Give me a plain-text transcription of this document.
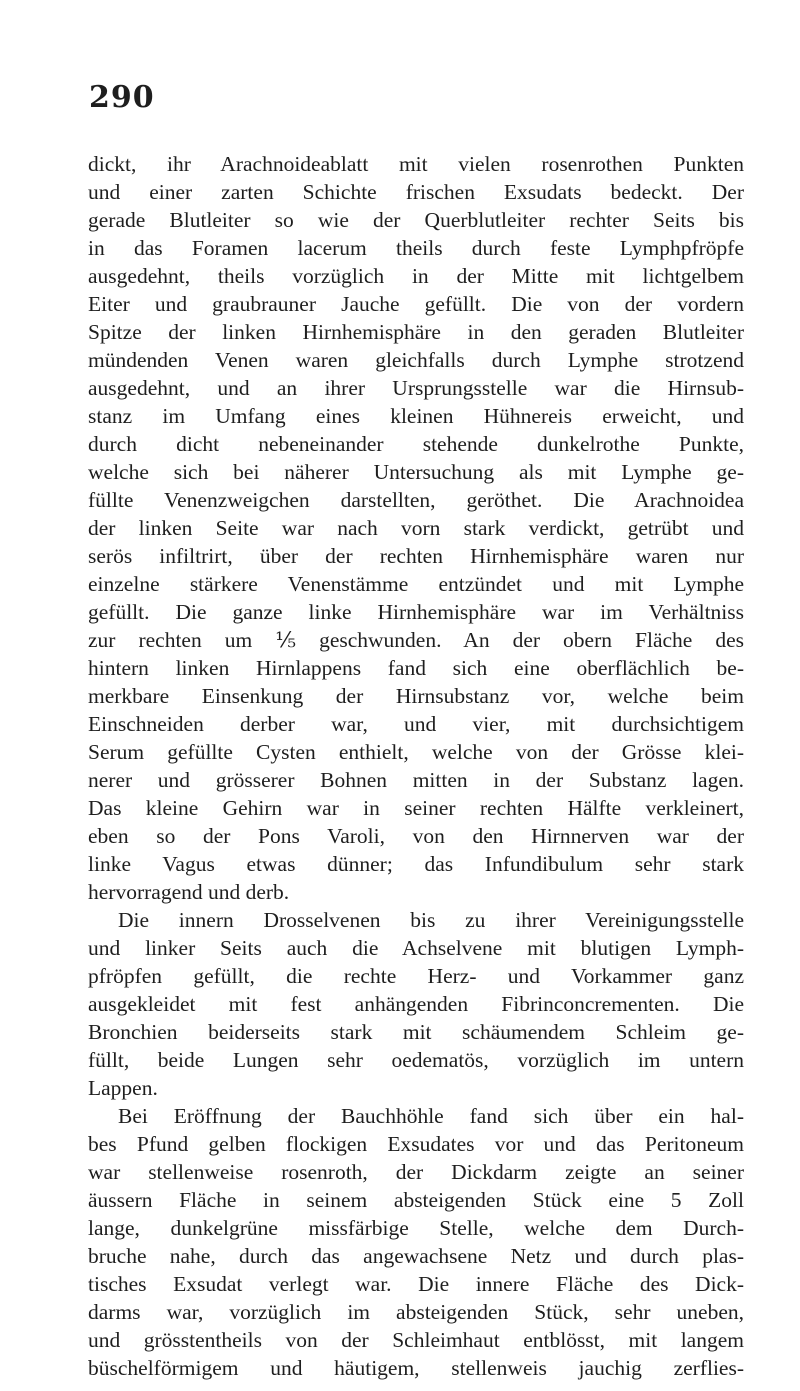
290
dickt, ihr Arachnoideablatt mit vielen rosenrothen Punkten
und einer zarten Schichte frischen Exsudats bedeckt. Der
gerade Blutleiter so wie der Querblutleiter rechter Seits bis
in das Foramen lacerum theils durch feste Lymphpfröpfe
ausgedehnt, theils vorzüglich in der Mitte mit lichtgelbem
Eiter und graubrauner Jauche gefüllt. Die von der vordern
Spitze der linken Hirnhemisphäre in den geraden Blutleiter
mündenden Venen waren gleichfalls durch Lymphe strotzend
ausgedehnt, und an ihrer Ursprungsstelle war die Hirnsub-
stanz im Umfang eines kleinen Hühnereis erweicht, und
durch dicht nebeneinander stehende dunkelrothe Punkte,
welche sich bei näherer Untersuchung als mit Lymphe ge-
füllte Venenzweigchen darstellten, geröthet. Die Arachnoidea
der linken Seite war nach vorn stark verdickt, getrübt und
serös infiltrirt, über der rechten Hirnhemisphäre waren nur
einzelne stärkere Venenstämme entzündet und mit Lymphe
gefüllt. Die ganze linke Hirnhemisphäre war im Verhältniss
zur rechten um ⅕ geschwunden. An der obern Fläche des
hintern linken Hirnlappens fand sich eine oberflächlich be-
merkbare Einsenkung der Hirnsubstanz vor, welche beim
Einschneiden derber war, und vier, mit durchsichtigem
Serum gefüllte Cysten enthielt, welche von der Grösse klei-
nerer und grösserer Bohnen mitten in der Substanz lagen.
Das kleine Gehirn war in seiner rechten Hälfte verkleinert,
eben so der Pons Varoli, von den Hirnnerven war der
linke Vagus etwas dünner; das Infundibulum sehr stark
hervorragend und derb.
Die innern Drosselvenen bis zu ihrer Vereinigungsstelle
und linker Seits auch die Achselvene mit blutigen Lymph-
pfröpfen gefüllt, die rechte Herz- und Vorkammer ganz
ausgekleidet mit fest anhängenden Fibrinconcrementen. Die
Bronchien beiderseits stark mit schäumendem Schleim ge-
füllt, beide Lungen sehr oedematös, vorzüglich im untern
Lappen.
Bei Eröffnung der Bauchhöhle fand sich über ein hal-
bes Pfund gelben flockigen Exsudates vor und das Peritoneum
war stellenweise rosenroth, der Dickdarm zeigte an seiner
äussern Fläche in seinem absteigenden Stück eine 5 Zoll
lange, dunkelgrüne missfärbige Stelle, welche dem Durch-
bruche nahe, durch das angewachsene Netz und durch plas-
tisches Exsudat verlegt war. Die innere Fläche des Dick-
darms war, vorzüglich im absteigenden Stück, sehr uneben,
und grösstentheils von der Schleimhaut entblösst, mit langem
büschelförmigem und häutigem, stellenweis jauchig zerflies-
